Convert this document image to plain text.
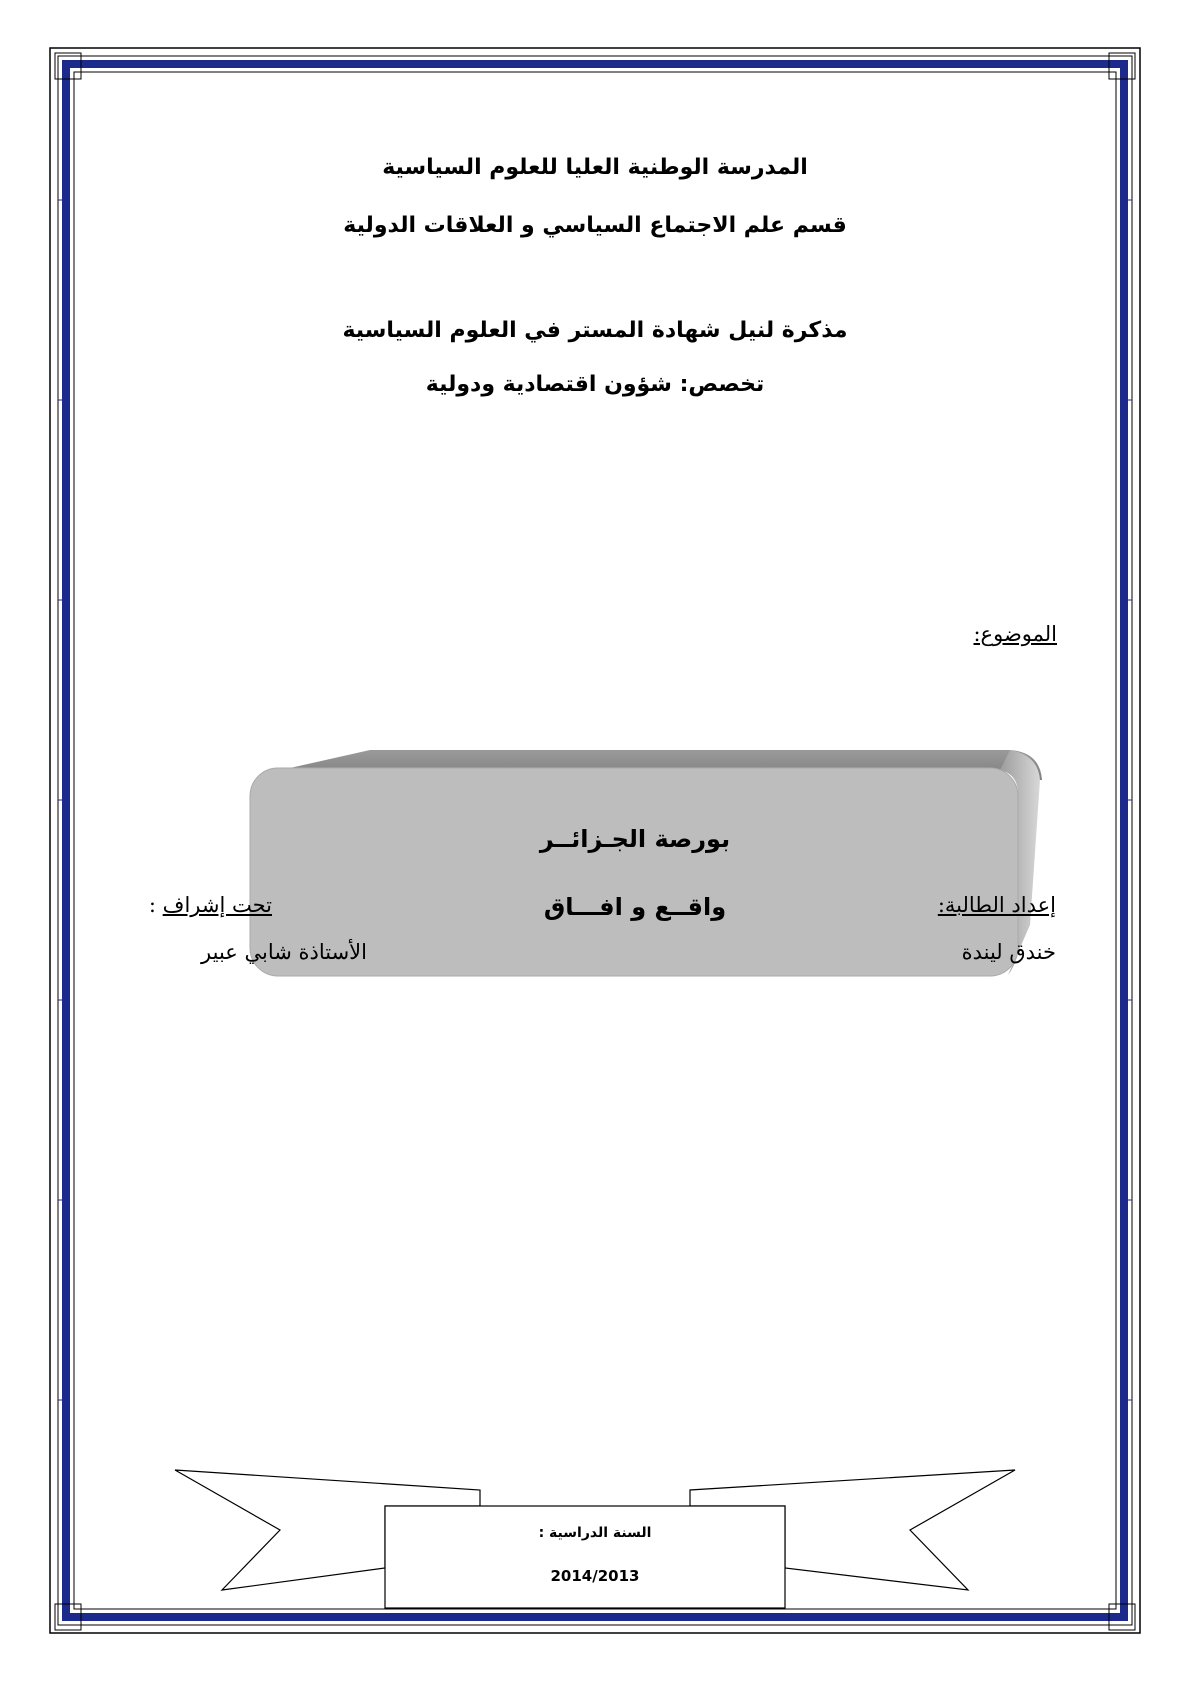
المدرسة الوطنية العليا للعلوم السياسية
قسم علم الاجتماع السياسي و العلاقات الدولية
مذكرة لنيل شهادة المستر في العلوم السياسية
تخصص: شؤون اقتصادية ودولية
الموضوع:
بورصة الجـزائــر
واقــع و افـــاق	إعداد الطالبة:
خندق ليندة
تحت إشراف :
الأستاذة شابي عبير
السنة الدراسية :
2014/2013
